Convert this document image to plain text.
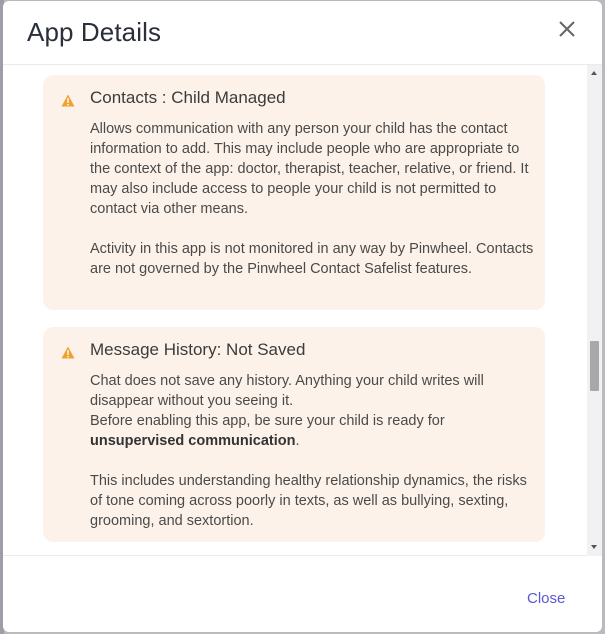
App Details
Contacts : Child Managed

Allows communication with any person your child has the contact information to add. This may include people who are appropriate to the context of the app: doctor, therapist, teacher, relative, or friend. It may also include access to people your child is not permitted to contact via other means.

Activity in this app is not monitored in any way by Pinwheel. Contacts are not governed by the Pinwheel Contact Safelist features.

Message History: Not Saved

Chat does not save any history. Anything your child writes will disappear without you seeing it.
Before enabling this app, be sure your child is ready for
unsupervised communication.

This includes understanding healthy relationship dynamics, the risks of tone coming across poorly in texts, as well as bullying, sexting, grooming, and sextortion.

Close
